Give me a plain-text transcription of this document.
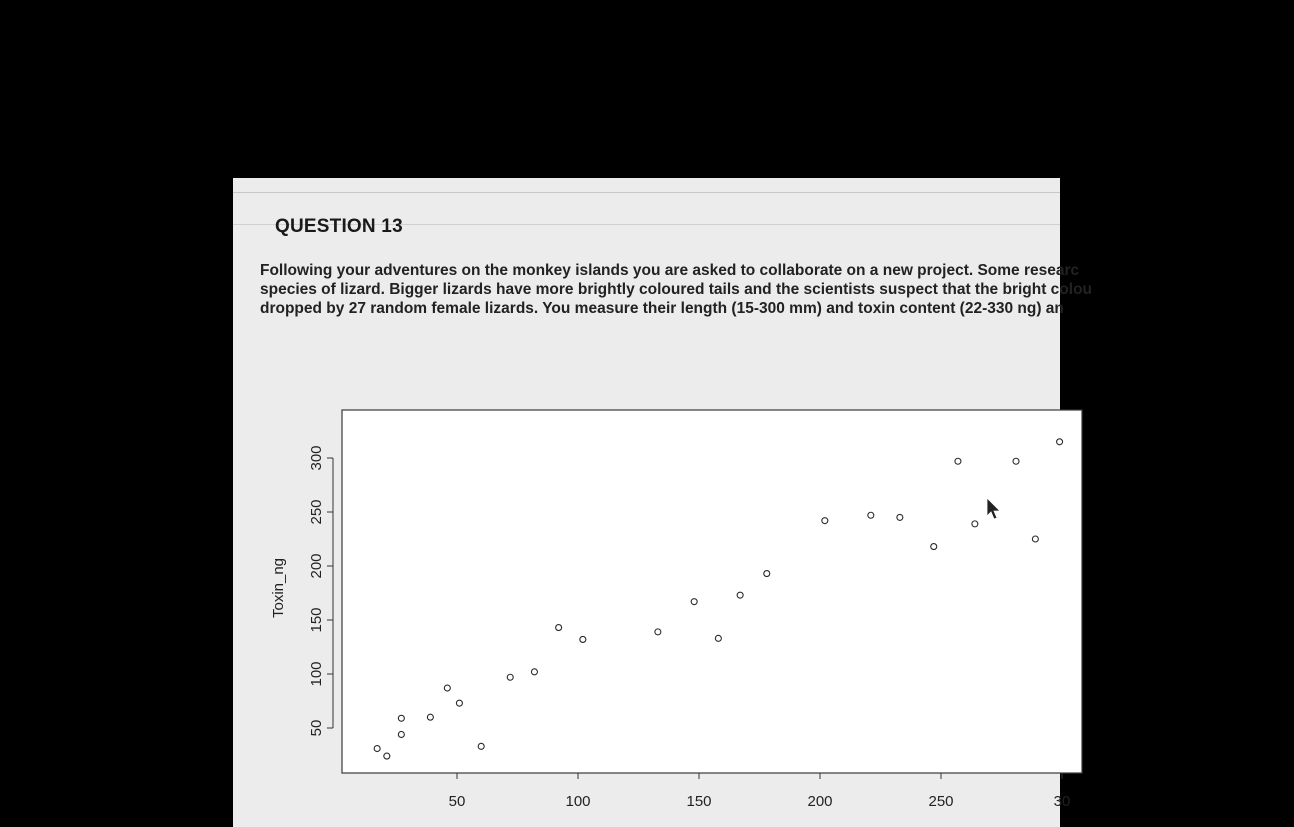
QUESTION 13
Following your adventures on the monkey islands you are asked to collaborate on a new project. Some researc
species of lizard. Bigger lizards have more brightly coloured tails and the scientists suspect that the bright colou
dropped by 27 random female lizards. You measure their length (15-300 mm) and toxin content (22-330 ng) an
50
100
150
200
250
300
50	100	150	200	250	30
Toxin_ng
